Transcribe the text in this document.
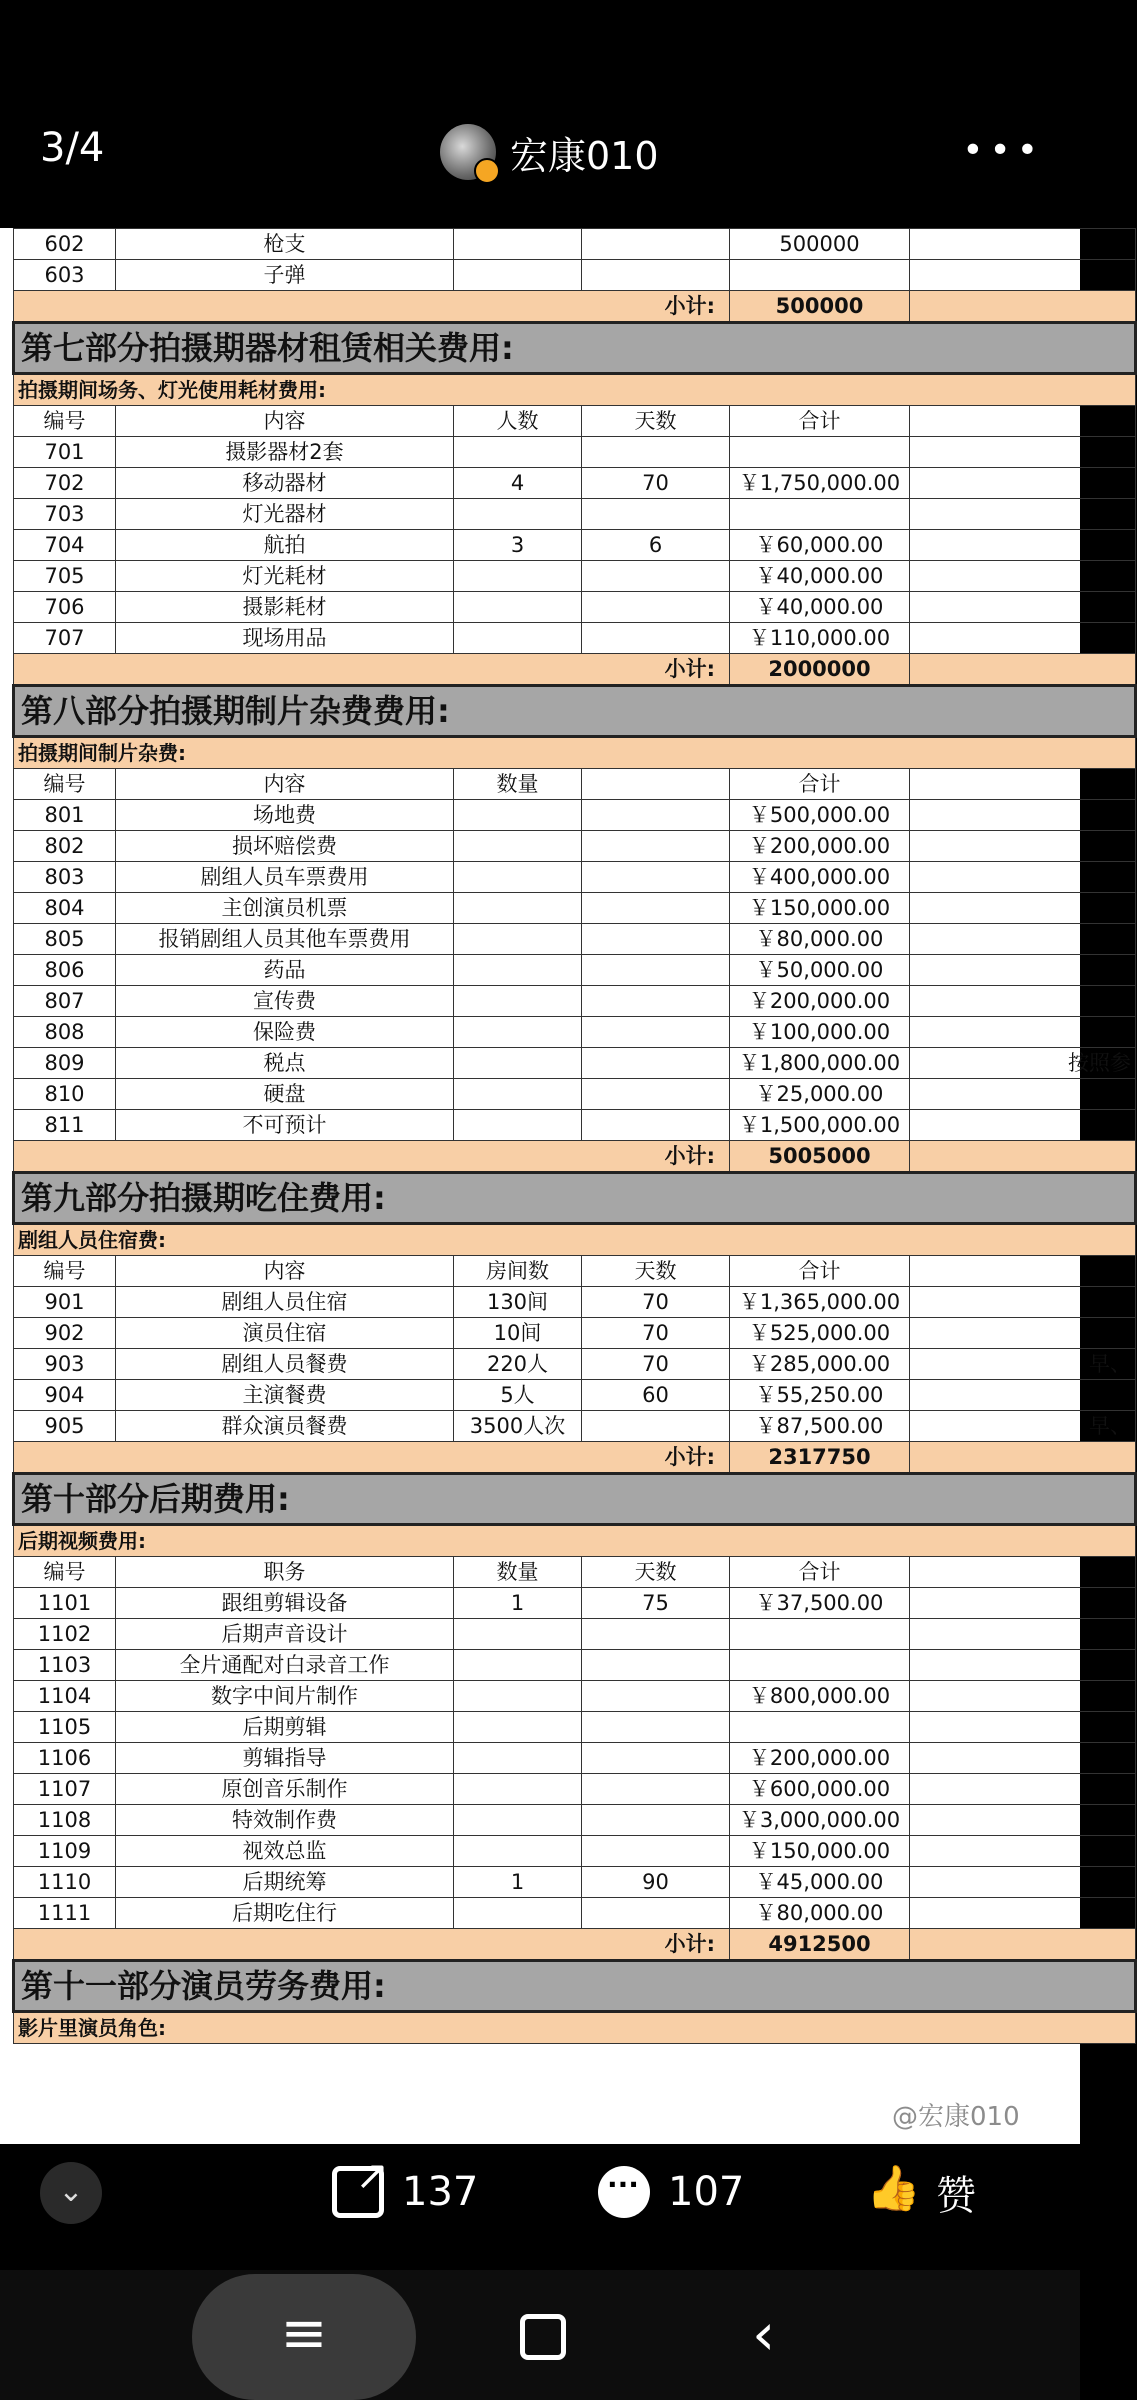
3/4	宏康010	•••
602	枪支			500000	
603	子弹				
小计:				500000	
第七部分拍摄期器材租赁相关费用:					
拍摄期间场务、灯光使用耗材费用:					
编号	内容	人数	天数	合计	
701	摄影器材2套				
702	移动器材	4	70	￥1,750,000.00	
703	灯光器材				
704	航拍	3	6	￥60,000.00	
705	灯光耗材			￥40,000.00	
706	摄影耗材			￥40,000.00	
707	现场用品			￥110,000.00	
小计:				2000000	
第八部分拍摄期制片杂费费用:					
拍摄期间制片杂费:					
编号	内容	数量		合计	
801	场地费			￥500,000.00	
802	损坏赔偿费			￥200,000.00	
803	剧组人员车票费用			￥400,000.00	
804	主创演员机票			￥150,000.00	
805	报销剧组人员其他车票费用			￥80,000.00	
806	药品			￥50,000.00	
807	宣传费			￥200,000.00	
808	保险费			￥100,000.00	
809	税点			￥1,800,000.00	按照参
810	硬盘			￥25,000.00	
811	不可预计			￥1,500,000.00	
小计:				5005000	
第九部分拍摄期吃住费用:					
剧组人员住宿费:					
编号	内容	房间数	天数	合计	
901	剧组人员住宿	130间	70	￥1,365,000.00	
902	演员住宿	10间	70	￥525,000.00	
903	剧组人员餐费	220人	70	￥285,000.00	早、
904	主演餐费	5人	60	￥55,250.00	
905	群众演员餐费	3500人次		￥87,500.00	早、
小计:				2317750	
第十部分后期费用:					
后期视频费用:					
编号	职务	数量	天数	合计	
1101	跟组剪辑设备	1	75	￥37,500.00	
1102	后期声音设计				
1103	全片通配对白录音工作				
1104	数字中间片制作			￥800,000.00	
1105	后期剪辑				
1106	剪辑指导			￥200,000.00	
1107	原创音乐制作			￥600,000.00	
1108	特效制作费			￥3,000,000.00	
1109	视效总监			￥150,000.00	
1110	后期统筹	1	90	￥45,000.00	
1111	后期吃住行			￥80,000.00	
小计:				4912500	
第十一部分演员劳务费用:					
影片里演员角色:					
@宏康010
⌄ ↗	137 ···	107 👍	赞
≡	‹
